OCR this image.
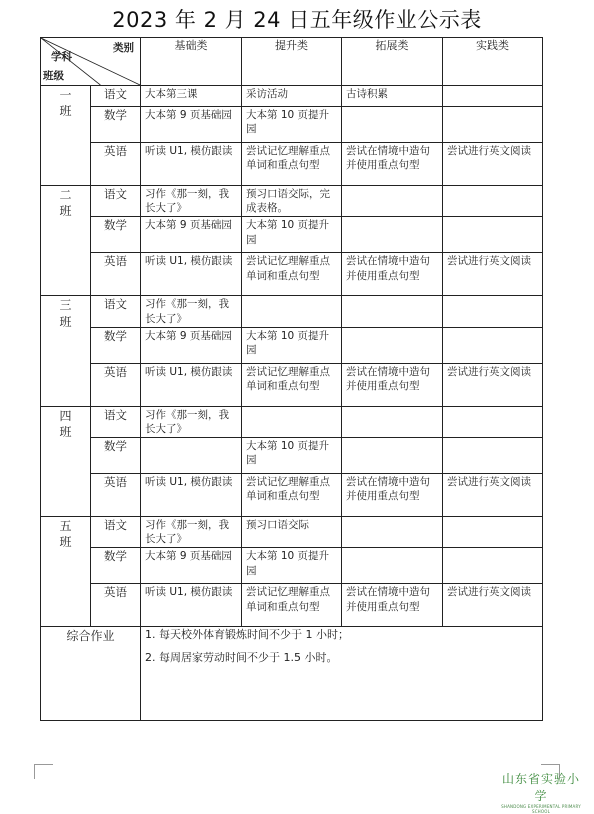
2023 年 2 月 24 日五年级作业公示表
类别
学科
班级		基础类	提升类	拓展类	实践类

一
班	语文	大本第三课	采访活动	古诗积累	
	数学	大本第 9 页基础园	大本第 10 页提升园		
	英语	听读 U1, 模仿跟读	尝试记忆理解重点单词和重点句型	尝试在情境中造句并使用重点句型	尝试进行英文阅读

二
班	语文	习作《那一刻，我长大了》	预习口语交际，完成表格。		
	数学	大本第 9 页基础园	大本第 10 页提升园		
	英语	听读 U1, 模仿跟读	尝试记忆理解重点单词和重点句型	尝试在情境中造句并使用重点句型	尝试进行英文阅读

三
班	语文	习作《那一刻，我长大了》			
	数学	大本第 9 页基础园	大本第 10 页提升园		
	英语	听读 U1, 模仿跟读	尝试记忆理解重点单词和重点句型	尝试在情境中造句并使用重点句型	尝试进行英文阅读

四
班	语文	习作《那一刻，我长大了》			
	数学		大本第 10 页提升园		
	英语	听读 U1, 模仿跟读	尝试记忆理解重点单词和重点句型	尝试在情境中造句并使用重点句型	尝试进行英文阅读

五
班	语文	习作《那一刻，我长大了》	预习口语交际		
	数学	大本第 9 页基础园	大本第 10 页提升园		
	英语	听读 U1, 模仿跟读	尝试记忆理解重点单词和重点句型	尝试在情境中造句并使用重点句型	尝试进行英文阅读
综合作业		1. 每天校外体育锻炼时间不少于 1 小时；
2. 每周居家劳动时间不少于 1.5 小时。			
山东省实验小学
SHANDONG EXPERIMENTAL PRIMARY SCHOOL
